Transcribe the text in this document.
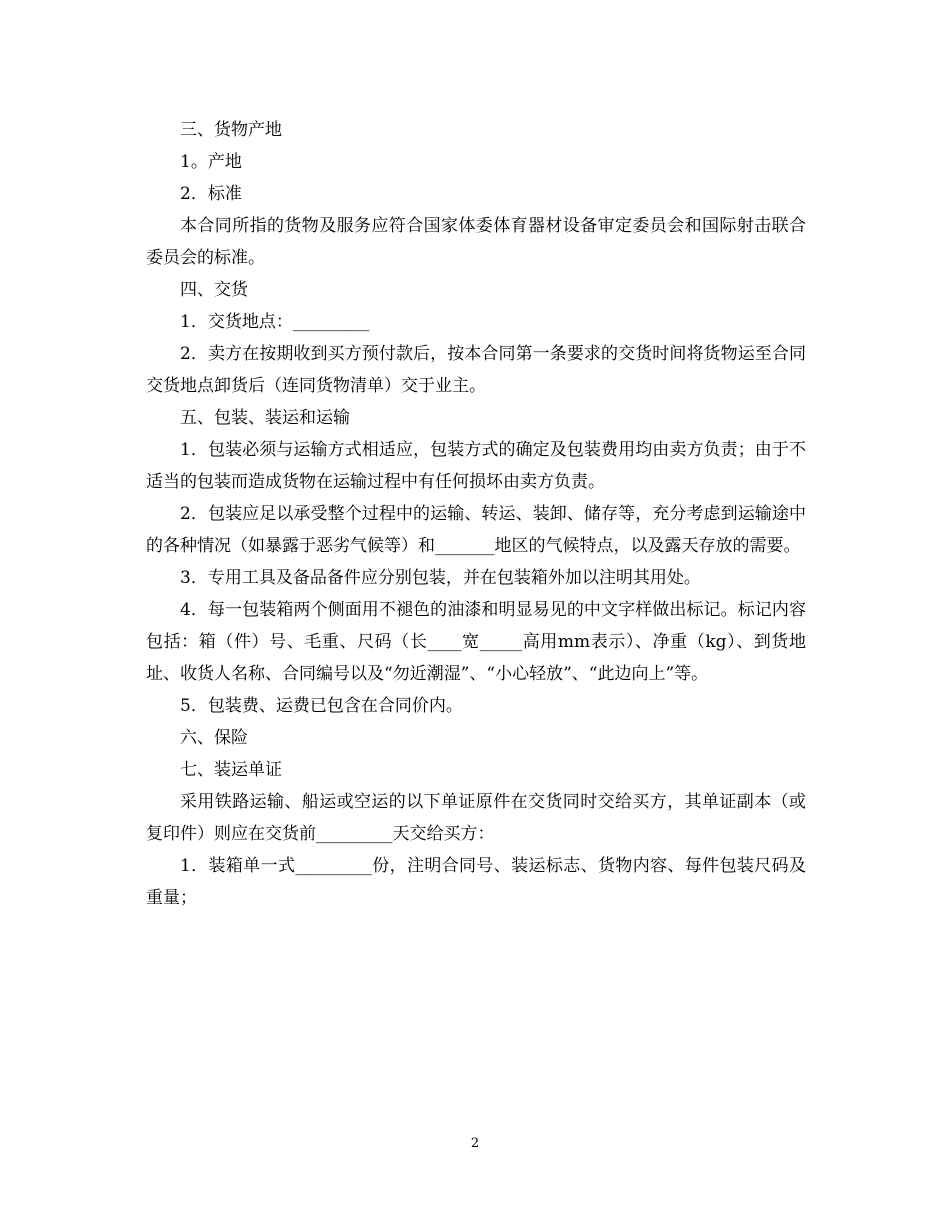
三、货物产地

1。产地

2．标准

本合同所指的货物及服务应符合国家体委体育器材设备审定委员会和国际射击联合委员会的标准。

四、交货

1．交货地点：_________

2．卖方在按期收到买方预付款后，按本合同第一条要求的交货时间将货物运至合同交货地点卸货后（连同货物清单）交于业主。

五、包装、装运和运输

1．包装必须与运输方式相适应，包装方式的确定及包装费用均由卖方负责；由于不适当的包装而造成货物在运输过程中有任何损坏由卖方负责。

2．包装应足以承受整个过程中的运输、转运、装卸、储存等，充分考虑到运输途中的各种情况（如暴露于恶劣气候等）和_______地区的气候特点，以及露天存放的需要。

3．专用工具及备品备件应分别包装，并在包装箱外加以注明其用处。

4．每一包装箱两个侧面用不褪色的油漆和明显易见的中文字样做出标记。标记内容包括：箱（件）号、毛重、尺码（长____宽_____高用mm表示）、净重（kg）、到货地址、收货人名称、合同编号以及“勿近潮湿”、“小心轻放”、“此边向上”等。

5．包装费、运费已包含在合同价内。

六、保险

七、装运单证

采用铁路运输、船运或空运的以下单证原件在交货同时交给买方，其单证副本（或复印件）则应在交货前_________天交给买方：

1．装箱单一式_________份，注明合同号、装运标志、货物内容、每件包装尺码及重量；

2
